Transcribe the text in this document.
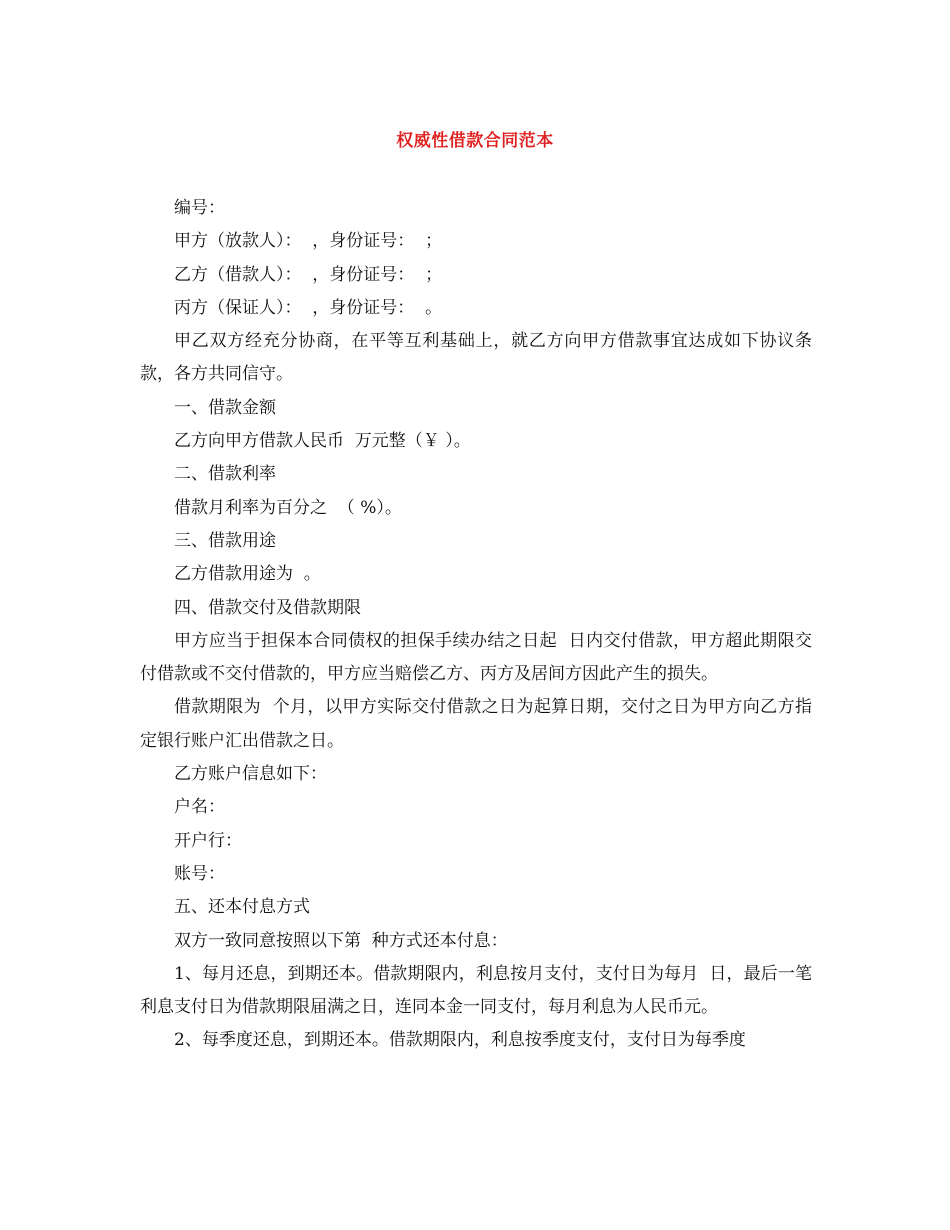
权威性借款合同范本

编号：

甲方（放款人）：  ，身份证号：  ；

乙方（借款人）：  ，身份证号：  ；

丙方（保证人）：  ，身份证号：  。

甲乙双方经充分协商，在平等互利基础上，就乙方向甲方借款事宜达成如下协议条款，各方共同信守。

一、借款金额

乙方向甲方借款人民币  万元整（￥ ）。

二、借款利率

借款月利率为百分之  （ %）。

三、借款用途

乙方借款用途为  。

四、借款交付及借款期限

甲方应当于担保本合同债权的担保手续办结之日起  日内交付借款，甲方超此期限交付借款或不交付借款的，甲方应当赔偿乙方、丙方及居间方因此产生的损失。

借款期限为  个月，以甲方实际交付借款之日为起算日期，交付之日为甲方向乙方指定银行账户汇出借款之日。

乙方账户信息如下：

户名：

开户行：

账号：

五、还本付息方式

双方一致同意按照以下第  种方式还本付息：

1、每月还息，到期还本。借款期限内，利息按月支付，支付日为每月  日，最后一笔利息支付日为借款期限届满之日，连同本金一同支付，每月利息为人民币元。

2、每季度还息，到期还本。借款期限内，利息按季度支付，支付日为每季度
